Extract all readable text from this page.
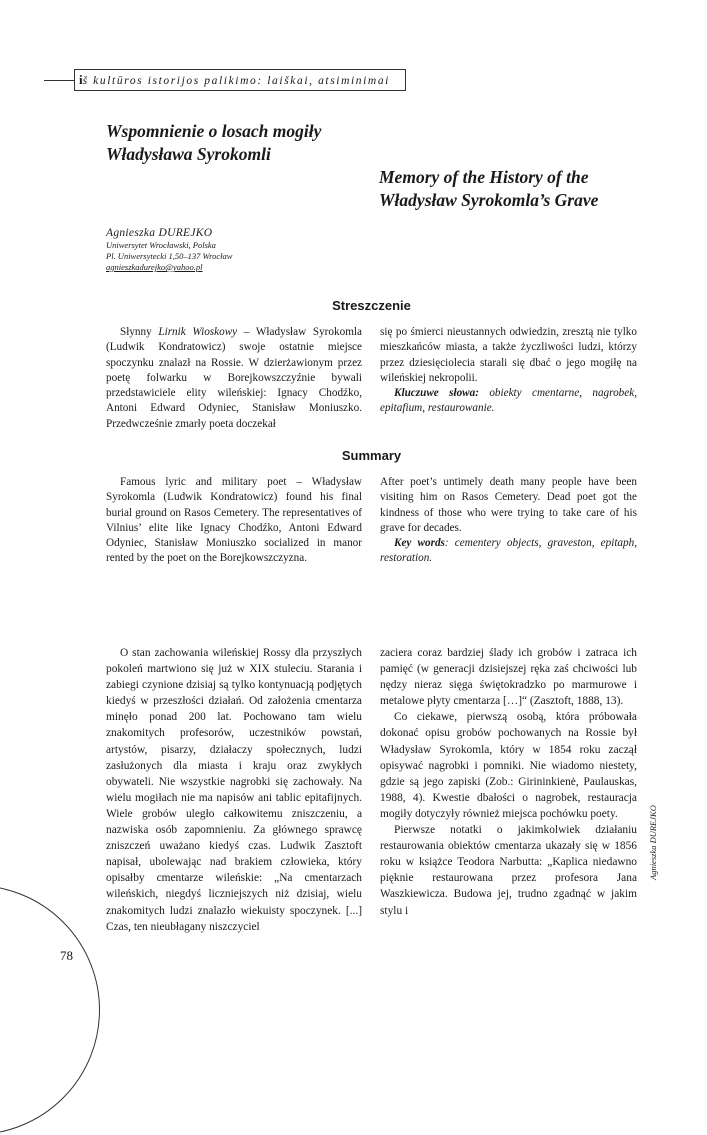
iš kultūros istorijos palikimo: laiškai, atsiminimai
Wspomnienie o losach mogiły
Władysława Syrokomli
Memory of the History of the
Władysław Syrokomla’s Grave
Agnieszka DUREJKO
Uniwersytet Wrocławski, Polska
Pl. Uniwersytecki 1,50–137 Wrocław
agnieszkadurejko@yahoo.pl
Streszczenie

Słynny Lirnik Wioskowy – Władysław Syrokomla (Ludwik Kondratowicz) swoje ostatnie miejsce spoczynku znalazł na Rossie. W dzierżawionym przez poetę folwarku w Borejkowszczyźnie bywali przedstawiciele elity wileńskiej: Ignacy Chodźko, Antoni Edward Odyniec, Stanisław Moniuszko. Przedwcześnie zmarły poeta doczekał

się po śmierci nieustannych odwiedzin, zresztą nie tylko mieszkańców miasta, a także życzliwości ludzi, którzy przez dziesięciolecia starali się dbać o jego mogiłę na wileńskiej nekropolii.

Kluczuwe słowa: obiekty cmentarne, nagrobek, epitafium, restaurowanie.

Summary

Famous lyric and military poet – Władysław Syrokomla (Ludwik Kondratowicz) found his final burial ground on Rasos Cemetery. The representatives of Vilnius’ elite like Ignacy Chodźko, Antoni Edward Odyniec, Stanisław Moniuszko socialized in manor rented by the poet on the Borejkowszczyzna.

After poet’s untimely death many people have been visiting him on Rasos Cemetery. Dead poet got the kindness of those who were trying to take care of his grave for decades.

Key words: cementery objects, graveston, epitaph, restoration.

O stan zachowania wileńskiej Rossy dla przyszłych pokoleń martwiono się już w XIX stuleciu. Starania i zabiegi czynione dzisiaj są tylko kontynuacją podjętych kiedyś w przeszłości działań. Od założenia cmentarza minęło ponad 200 lat. Pochowano tam wielu znakomitych profesorów, uczestników powstań, artystów, pisarzy, działaczy społecznych, ludzi zasłużonych dla miasta i kraju oraz zwykłych obywateli. Nie wszystkie nagrobki się zachowały. Na wielu mogiłach nie ma napisów ani tablic epitafijnych. Wiele grobów uległo całkowitemu zniszczeniu, a nazwiska osób zapomnieniu. Za głównego sprawcę zniszczeń uważano kiedyś czas. Ludwik Zasztoft napisał, ubolewając nad brakiem człowieka, który opisałby cmentarze wileńskie: „Na cmentarzach wileńskich, niegdyś liczniejszych niż dzisiaj, wielu znakomitych ludzi znalazło wiekuisty spoczynek. [...] Czas, ten nieubłagany niszczyciel

zaciera coraz bardziej ślady ich grobów i zatraca ich pamięć (w generacji dzisiejszej ręka zaś chciwości lub nędzy nieraz sięga świętokradzko po marmurowe i metalowe płyty cmentarza […]“ (Zasztoft, 1888, 13).

Co ciekawe, pierwszą osobą, która próbowała dokonać opisu grobów pochowanych na Rossie był Władysław Syrokomla, który w 1854 roku zaczął opisywać nagrobki i pomniki. Nie wiadomo niestety, gdzie są jego zapiski (Zob.: Girininkienė, Paulauskas, 1988, 4). Kwestie dbałości o nagrobek, restauracja mogiły dotyczyły również miejsca pochówku poety.

Pierwsze notatki o jakimkolwiek działaniu restaurowania obiektów cmentarza ukazały się w 1856 roku w książce Teodora Narbutta: „Kaplica niedawno pięknie restaurowana przez profesora Jana Waszkiewicza. Budowa jej, trudno zgadnąć w jakim stylu i

Agnieszka DUREJKO
78
